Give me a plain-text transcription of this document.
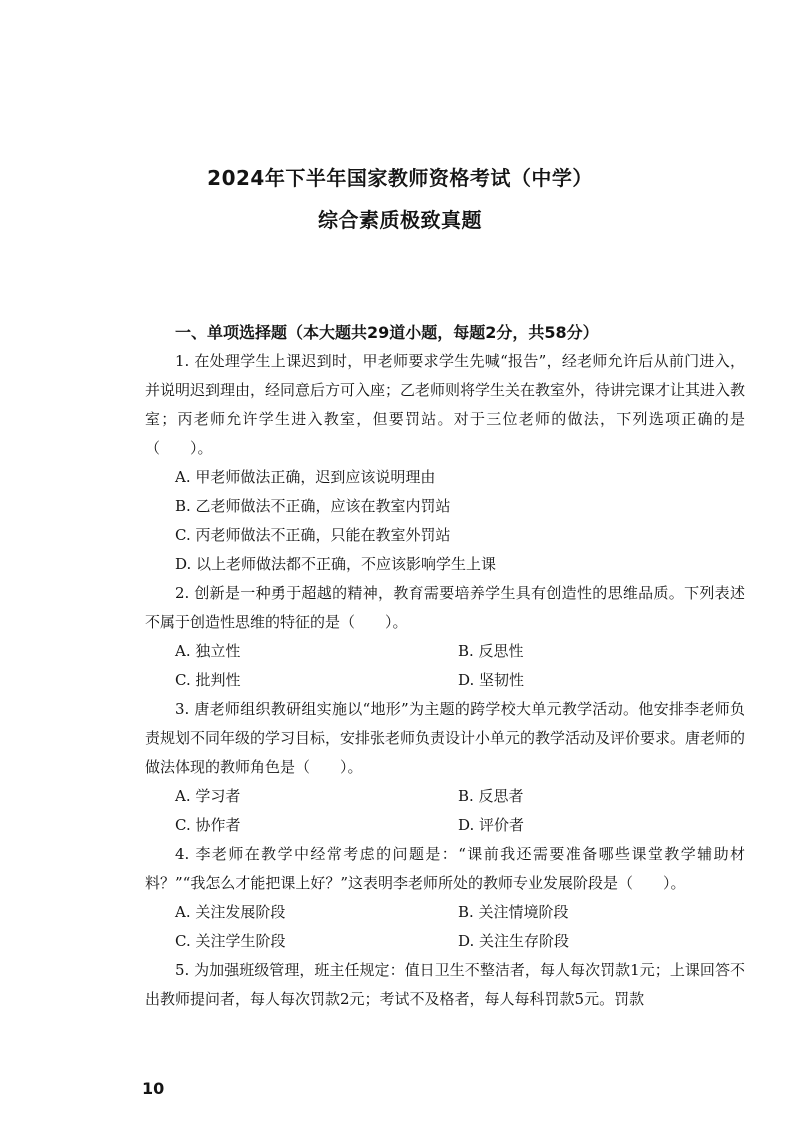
2024年下半年国家教师资格考试（中学）
综合素质极致真题
一、单项选择题（本大题共29道小题，每题2分，共58分）
1. 在处理学生上课迟到时，甲老师要求学生先喊“报告”，经老师允许后从前门进入，并说明迟到理由，经同意后方可入座；乙老师则将学生关在教室外，待讲完课才让其进入教室；丙老师允许学生进入教室，但要罚站。对于三位老师的做法，下列选项正确的是（　　）。
A. 甲老师做法正确，迟到应该说明理由
B. 乙老师做法不正确，应该在教室内罚站
C. 丙老师做法不正确，只能在教室外罚站
D. 以上老师做法都不正确，不应该影响学生上课
2. 创新是一种勇于超越的精神，教育需要培养学生具有创造性的思维品质。下列表述不属于创造性思维的特征的是（　　）。
A. 独立性	B. 反思性
C. 批判性	D. 坚韧性
3. 唐老师组织教研组实施以“地形”为主题的跨学校大单元教学活动。他安排李老师负责规划不同年级的学习目标，安排张老师负责设计小单元的教学活动及评价要求。唐老师的做法体现的教师角色是（　　）。
A. 学习者	B. 反思者
C. 协作者	D. 评价者
4. 李老师在教学中经常考虑的问题是：“课前我还需要准备哪些课堂教学辅助材料？”“我怎么才能把课上好？”这表明李老师所处的教师专业发展阶段是（　　）。
A. 关注发展阶段	B. 关注情境阶段
C. 关注学生阶段	D. 关注生存阶段
5. 为加强班级管理，班主任规定：值日卫生不整洁者，每人每次罚款1元；上课回答不出教师提问者，每人每次罚款2元；考试不及格者，每人每科罚款5元。罚款
10
